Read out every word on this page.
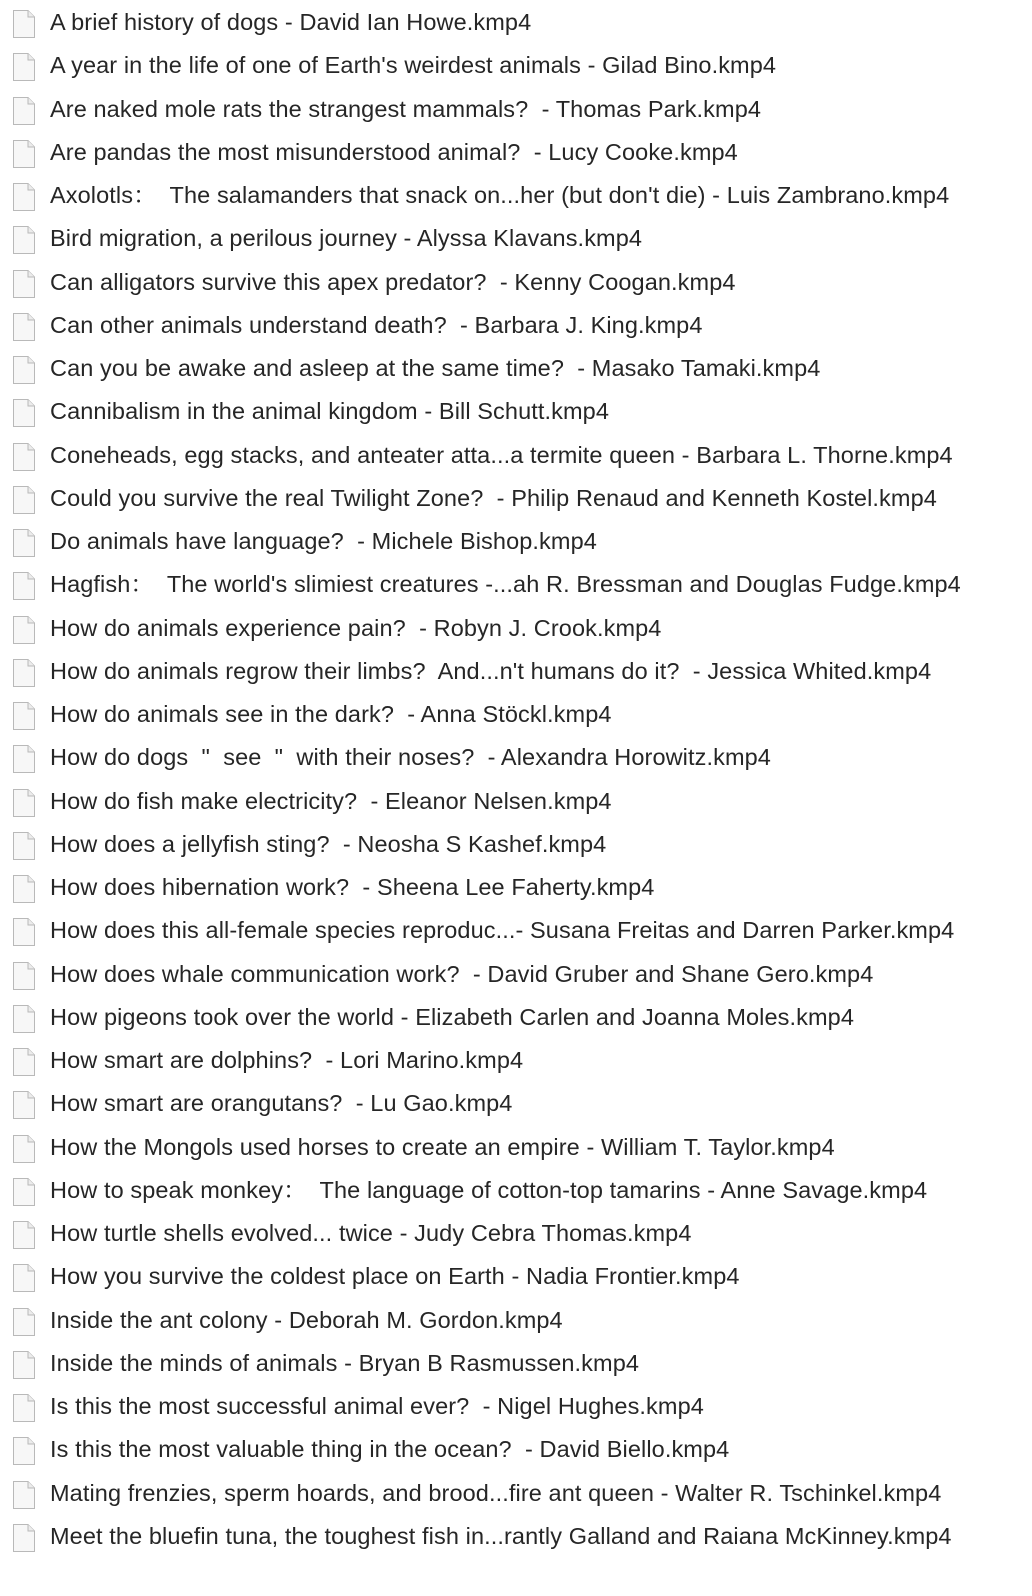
A brief history of dogs - David Ian Howe.kmp4
A year in the life of one of Earth's weirdest animals - Gilad Bino.kmp4
Are naked mole rats the strangest mammals?  - Thomas Park.kmp4
Are pandas the most misunderstood animal?  - Lucy Cooke.kmp4
Axolotls：  The salamanders that snack on...her (but don't die) - Luis Zambrano.kmp4
Bird migration, a perilous journey - Alyssa Klavans.kmp4
Can alligators survive this apex predator?  - Kenny Coogan.kmp4
Can other animals understand death?  - Barbara J. King.kmp4
Can you be awake and asleep at the same time?  - Masako Tamaki.kmp4
Cannibalism in the animal kingdom - Bill Schutt.kmp4
Coneheads, egg stacks, and anteater atta...a termite queen - Barbara L. Thorne.kmp4
Could you survive the real Twilight Zone?  - Philip Renaud and Kenneth Kostel.kmp4
Do animals have language?  - Michele Bishop.kmp4
Hagfish：  The world's slimiest creatures -...ah R. Bressman and Douglas Fudge.kmp4
How do animals experience pain?  - Robyn J. Crook.kmp4
How do animals regrow their limbs?  And...n't humans do it?  - Jessica Whited.kmp4
How do animals see in the dark?  - Anna Stöckl.kmp4
How do dogs  "  see  "  with their noses?  - Alexandra Horowitz.kmp4
How do fish make electricity?  - Eleanor Nelsen.kmp4
How does a jellyfish sting?  - Neosha S Kashef.kmp4
How does hibernation work?  - Sheena Lee Faherty.kmp4
How does this all-female species reproduc...- Susana Freitas and Darren Parker.kmp4
How does whale communication work?  - David Gruber and Shane Gero.kmp4
How pigeons took over the world - Elizabeth Carlen and Joanna Moles.kmp4
How smart are dolphins?  - Lori Marino.kmp4
How smart are orangutans?  - Lu Gao.kmp4
How the Mongols used horses to create an empire - William T. Taylor.kmp4
How to speak monkey：  The language of cotton-top tamarins - Anne Savage.kmp4
How turtle shells evolved... twice - Judy Cebra Thomas.kmp4
How you survive the coldest place on Earth - Nadia Frontier.kmp4
Inside the ant colony - Deborah M. Gordon.kmp4
Inside the minds of animals - Bryan B Rasmussen.kmp4
Is this the most successful animal ever?  - Nigel Hughes.kmp4
Is this the most valuable thing in the ocean?  - David Biello.kmp4
Mating frenzies, sperm hoards, and brood...fire ant queen - Walter R. Tschinkel.kmp4
Meet the bluefin tuna, the toughest fish in...rantly Galland and Raiana McKinney.kmp4
